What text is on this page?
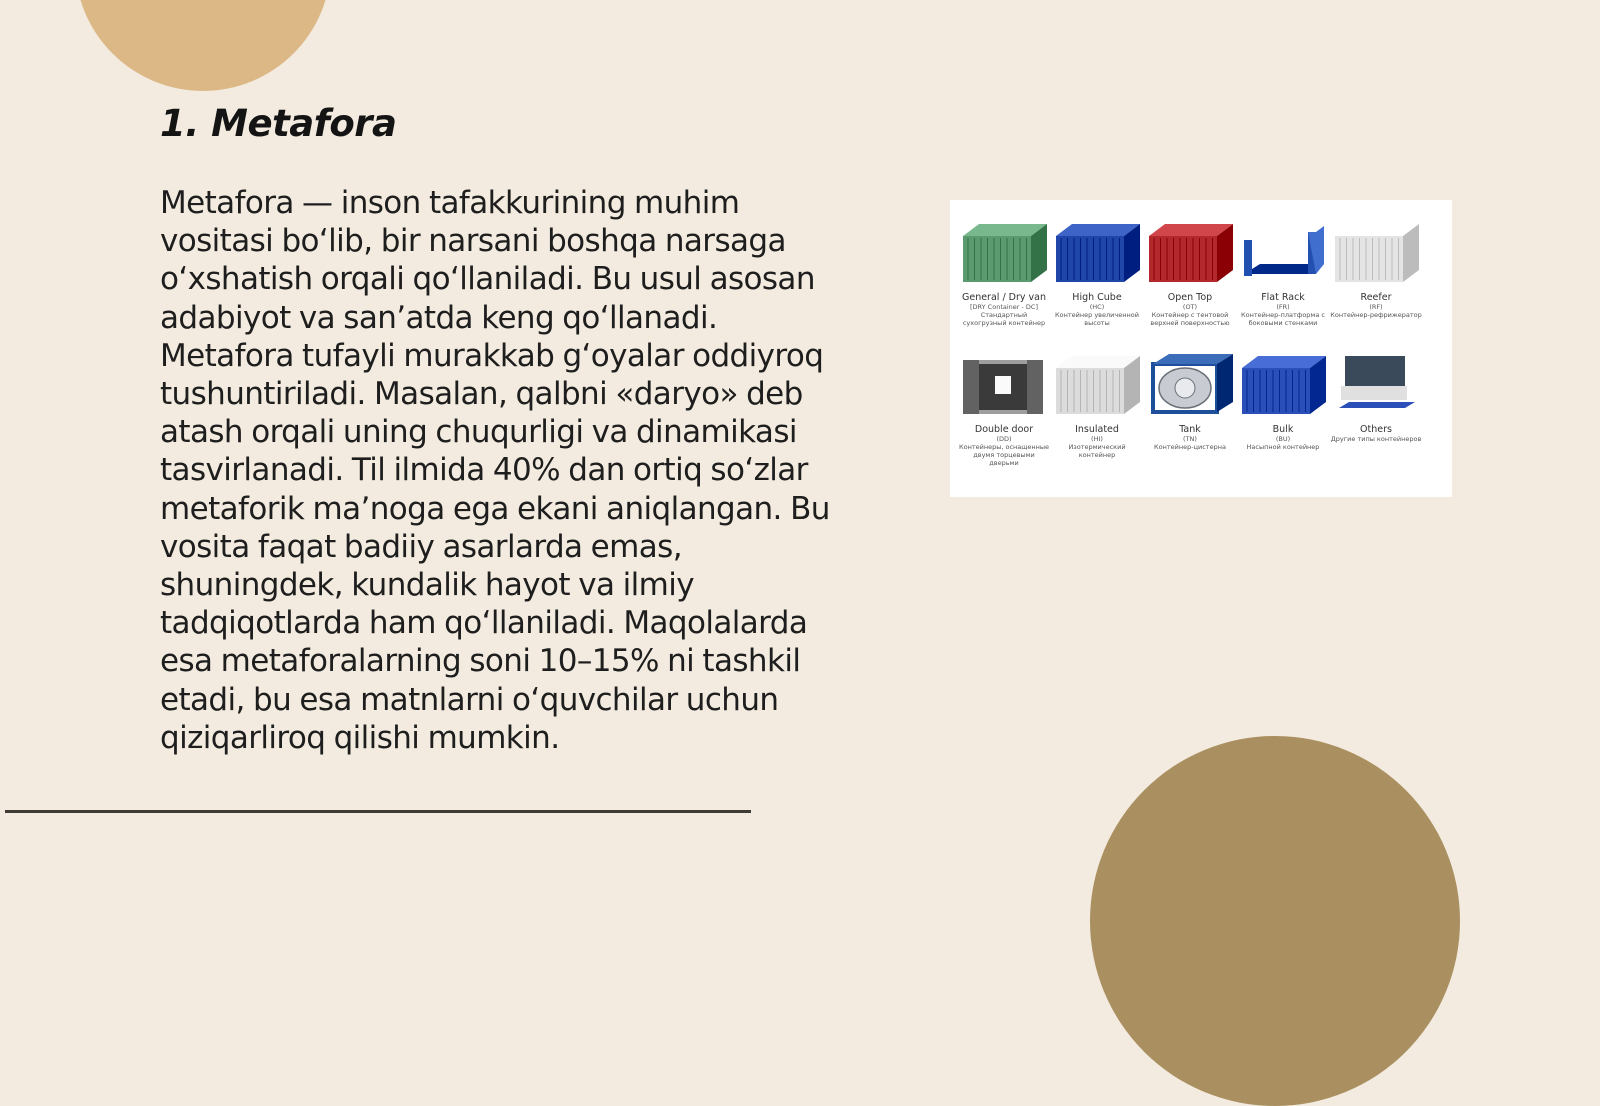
1. Metafora

Metafora — inson tafakkurining muhim vositasi bo‘lib, bir narsani boshqa narsaga o‘xshatish orqali qo‘llaniladi. Bu usul asosan adabiyot va san’atda keng qo‘llanadi. Metafora tufayli murakkab g‘oyalar oddiyroq tushuntiriladi. Masalan, qalbni «daryo» deb atash orqali uning chuqurligi va dinamikasi tasvirlanadi. Til ilmida 40% dan ortiq so‘zlar metaforik ma’noga ega ekani aniqlangan. Bu vosita faqat badiiy asarlarda emas, shuningdek, kundalik hayot va ilmiy tadqiqotlarda ham qo‘llaniladi. Maqolalarda esa metaforalarning soni 10–15% ni tashkil etadi, bu esa matnlarni o‘quvchilar uchun qiziqarliroq qilishi mumkin.

General / Dry van
[DRY Container - DC]
Стандартный сухогрузный контейнер
High Cube
(HC)
Контейнер увеличенной высоты
Open Top
(OT)
Контейнер с тентовой верхней поверхностью
Flat Rack
(FR)
Контейнер-платформа с боковыми стенками
Reefer
(RF)
Контейнер-рефрижератор
Double door
(DD)
Контейнеры, оснащенные двумя торцевыми дверьми
Insulated
(HI)
Изотермический контейнер
Tank
(TN)
Контейнер-цистерна
Bulk
(BU)
Насыпной контейнер
Others
Другие типы контейнеров
